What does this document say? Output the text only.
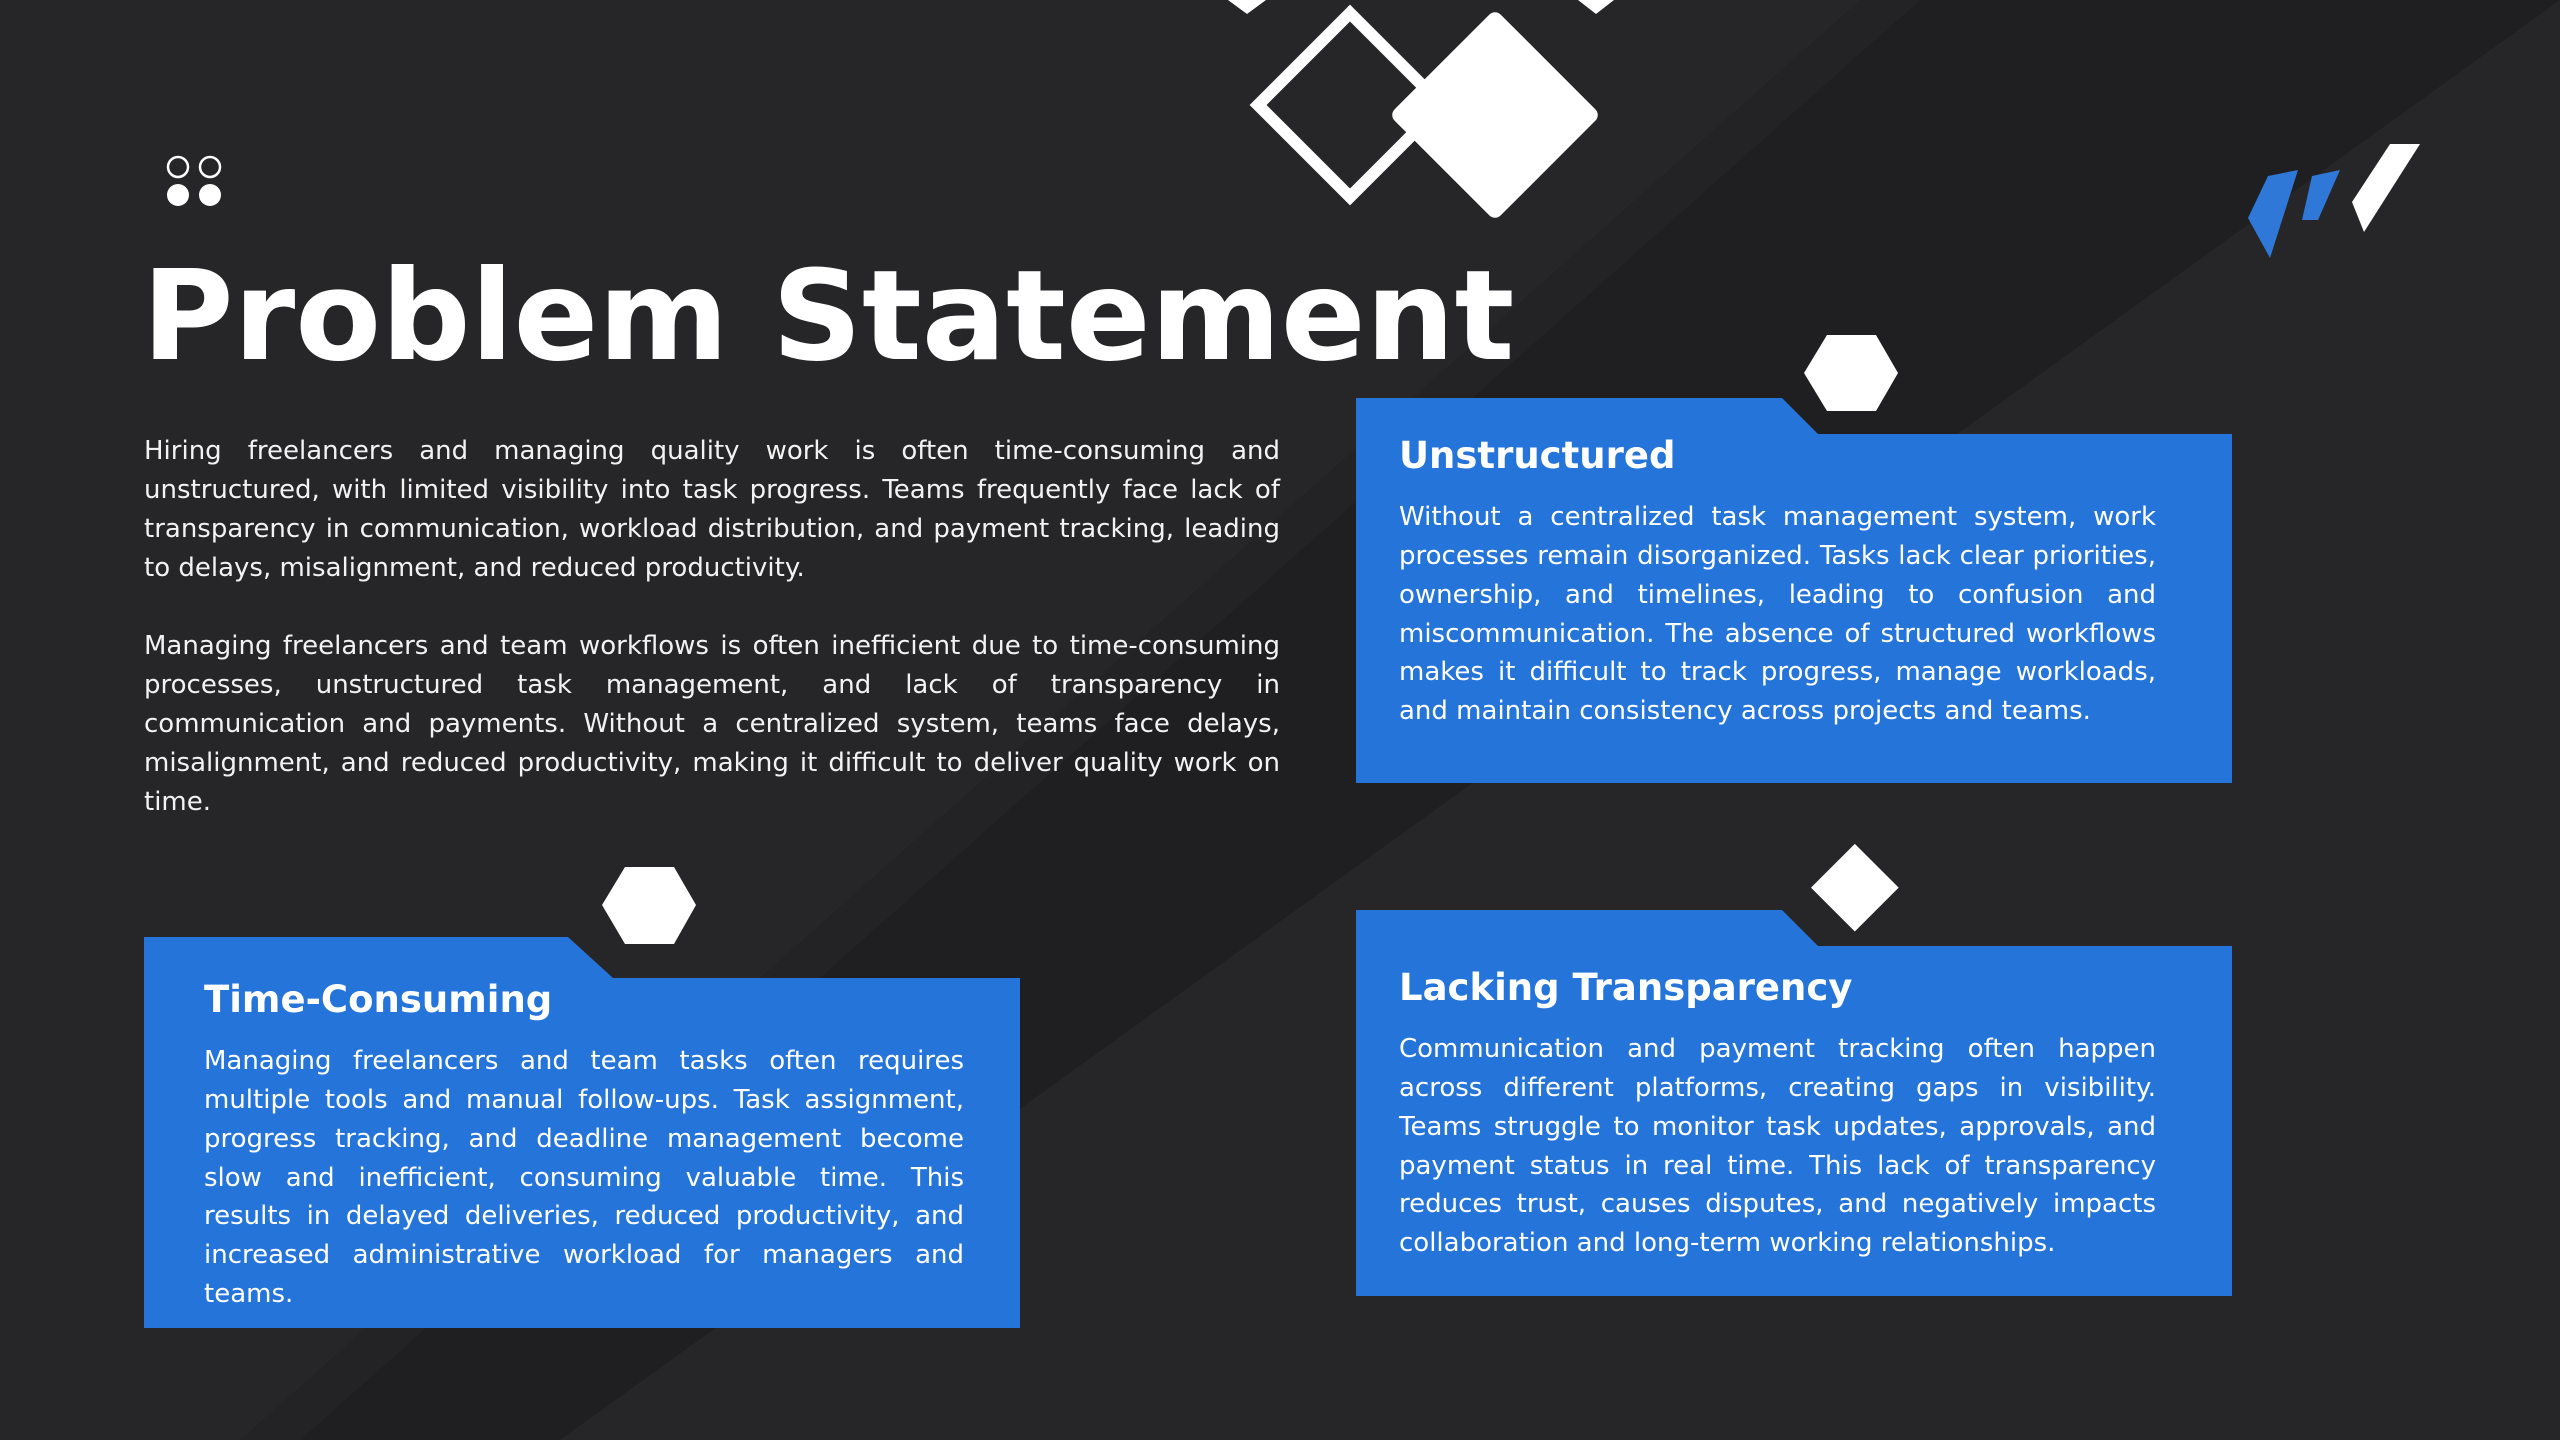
Problem Statement

Hiring freelancers and managing quality work is often time-consuming and unstructured, with limited visibility into task progress. Teams frequently face lack of transparency in communication, workload distribution, and payment tracking, leading to delays, misalignment, and reduced productivity.

Managing freelancers and team workflows is often inefficient due to time-consuming processes, unstructured task management, and lack of transparency in communication and payments. Without a centralized system, teams face delays, misalignment, and reduced productivity, making it difficult to deliver quality work on time.

Unstructured
Without a centralized task management system, work processes remain disorganized. Tasks lack clear priorities, ownership, and timelines, leading to confusion and miscommunication. The absence of structured workflows makes it difficult to track progress, manage workloads, and maintain consistency across projects and teams.
Lacking Transparency
Communication and payment tracking often happen across different platforms, creating gaps in visibility. Teams struggle to monitor task updates, approvals, and payment status in real time. This lack of transparency reduces trust, causes disputes, and negatively impacts collaboration and long-term working relationships.
Time-Consuming
Managing freelancers and team tasks often requires multiple tools and manual follow-ups. Task assignment, progress tracking, and deadline management become slow and inefficient, consuming valuable time. This results in delayed deliveries, reduced productivity, and increased administrative workload for managers and teams.
